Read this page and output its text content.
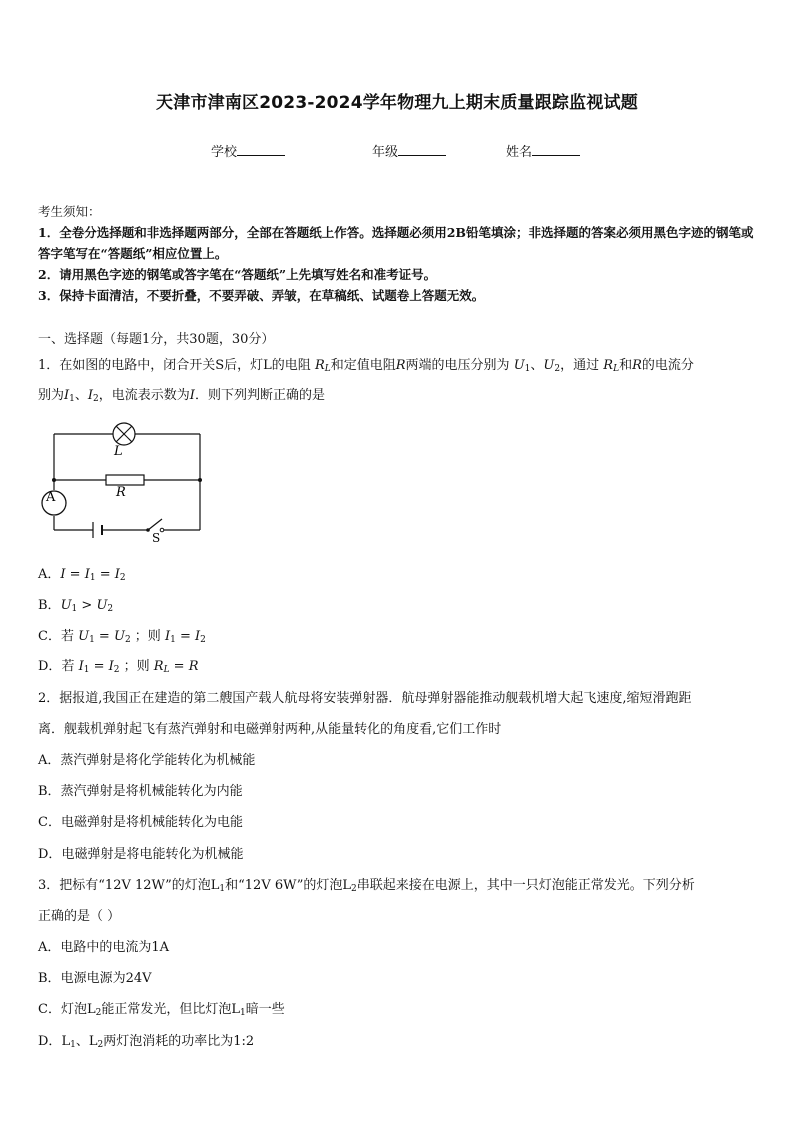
天津市津南区2023-2024学年物理九上期末质量跟踪监视试题
学校	年级	姓名
考生须知：
1．全卷分选择题和非选择题两部分，全部在答题纸上作答。选择题必须用2B铅笔填涂；非选择题的答案必须用黑色字迹的钢笔或答字笔写在“答题纸”相应位置上。
2．请用黑色字迹的钢笔或答字笔在“答题纸”上先填写姓名和准考证号。
3．保持卡面清洁，不要折叠，不要弄破、弄皱，在草稿纸、试题卷上答题无效。
一、选择题（每题1分，共30题，30分）
1．在如图的电路中，闭合开关S后，灯L的电阻 $R_L$和定值电阻R两端的电压分别为 $U_1$、$U_2$，通过 $R_L$和R的电流分
别为$I_1$、$I_2$，电流表示数为I．则下列判断正确的是
L
R
A
S
A．$I = I_1 = I_2$
B．$U_1 > U_2$
C．若 $U_1 = U_2$ ；则 $I_1 = I_2$
D．若 $I_1 = I_2$ ；则 $R_L = R$
2．据报道,我国正在建造的第二艘国产载人航母将安装弹射器．航母弹射器能推动舰载机增大起飞速度,缩短滑跑距
离．舰载机弹射起飞有蒸汽弹射和电磁弹射两种,从能量转化的角度看,它们工作时
A．蒸汽弹射是将化学能转化为机械能
B．蒸汽弹射是将机械能转化为内能
C．电磁弹射是将机械能转化为电能
D．电磁弹射是将电能转化为机械能
3．把标有“12V 12W”的灯泡$L_1$和“12V 6W”的灯泡$L_2$串联起来接在电源上，其中一只灯泡能正常发光。下列分析
正确的是（ ）
A．电路中的电流为1A
B．电源电源为24V
C．灯泡$L_2$能正常发光，但比灯泡$L_1$暗一些
D．$L_1$、$L_2$两灯泡消耗的功率比为1:2
